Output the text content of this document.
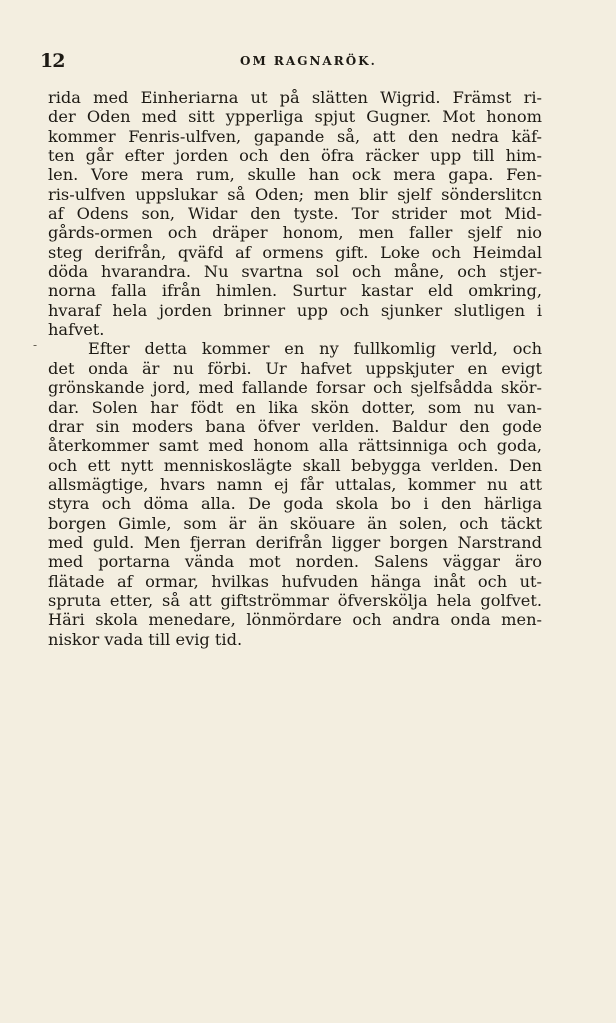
12	OM RAGNARÖK.
-
rida med Einheriarna ut på slätten Wigrid. Främst ri-
der Oden med sitt ypperliga spjut Gugner. Mot honom
kommer Fenris-ulfven, gapande så, att den nedra käf-
ten går efter jorden och den öfra räcker upp till him-
len. Vore mera rum, skulle han ock mera gapa. Fen-
ris-ulfven uppslukar så Oden; men blir sjelf sönderslitcn
af Odens son, Widar den tyste. Tor strider mot Mid-
gårds-ormen och dräper honom, men faller sjelf nio
steg derifrån, qväfd af ormens gift. Loke och Heimdal
döda hvarandra. Nu svartna sol och måne, och stjer-
norna falla ifrån himlen. Surtur kastar eld omkring,
hvaraf hela jorden brinner upp och sjunker slutligen i
hafvet.
Efter detta kommer en ny fullkomlig verld, och
det onda är nu förbi. Ur hafvet uppskjuter en evigt
grönskande jord, med fallande forsar och sjelfsådda skör-
dar. Solen har födt en lika skön dotter, som nu van-
drar sin moders bana öfver verlden. Baldur den gode
återkommer samt med honom alla rättsinniga och goda,
och ett nytt menniskoslägte skall bebygga verlden. Den
allsmägtige, hvars namn ej får uttalas, kommer nu att
styra och döma alla. De goda skola bo i den härliga
borgen Gimle, som är än sköuare än solen, och täckt
med guld. Men fjerran derifrån ligger borgen Narstrand
med portarna vända mot norden. Salens väggar äro
flätade af ormar, hvilkas hufvuden hänga inåt och ut-
spruta etter, så att giftströmmar öfversköljа hela golfvet.
Häri skola menedare, lönmördare och andra onda men-
niskor vada till evig tid.
